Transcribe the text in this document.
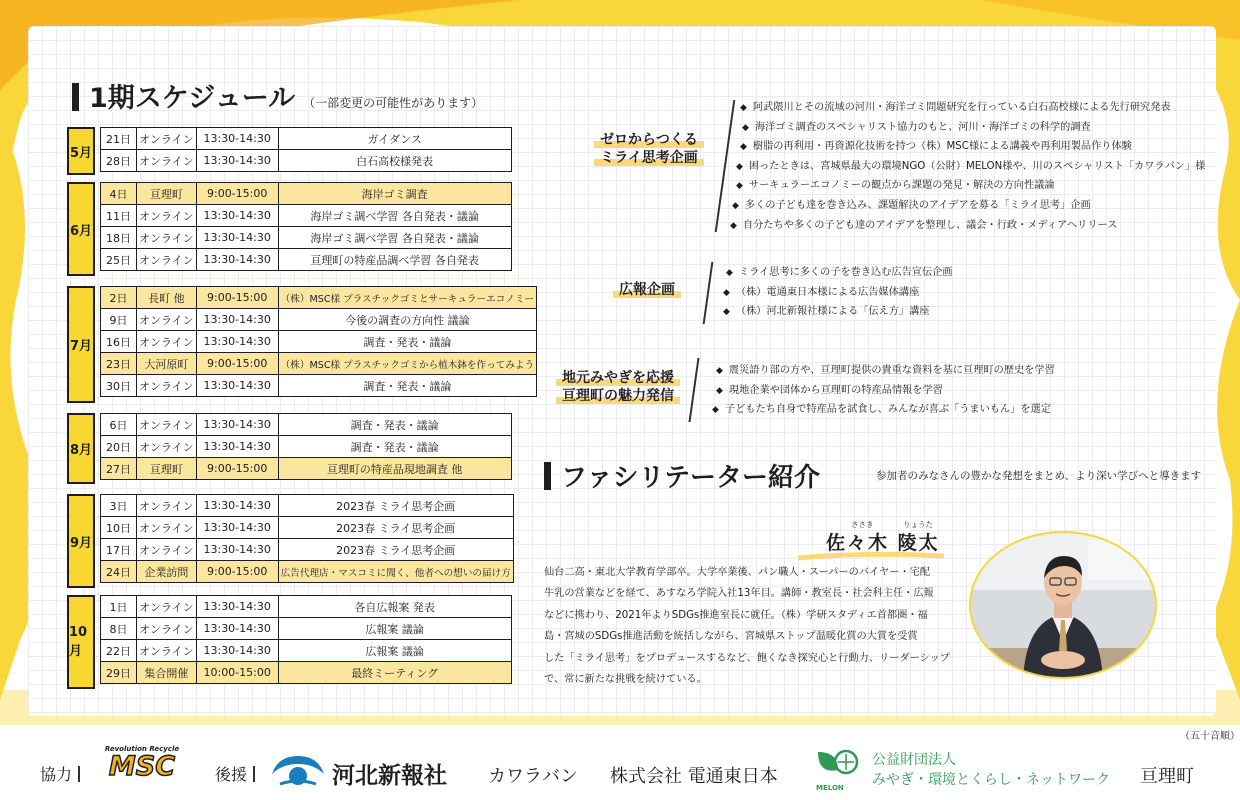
1期スケジュール （一部変更の可能性があります）
5月
21日	オンライン	13:30-14:30	ガイダンス
28日	オンライン	13:30-14:30	白石高校様発表
6月
4日	亘理町	9:00-15:00	海岸ゴミ調査
11日	オンライン	13:30-14:30	海岸ゴミ調べ学習 各自発表・議論
18日	オンライン	13:30-14:30	海岸ゴミ調べ学習 各自発表・議論
25日	オンライン	13:30-14:30	亘理町の特産品調べ学習 各自発表
7月
2日	長町 他	9:00-15:00	（株）MSC様 プラスチックゴミとサーキュラーエコノミー
9日	オンライン	13:30-14:30	今後の調査の方向性 議論
16日	オンライン	13:30-14:30	調査・発表・議論
23日	大河原町	9:00-15:00	（株）MSC様 プラスチックゴミから植木鉢を作ってみよう
30日	オンライン	13:30-14:30	調査・発表・議論
8月
6日	オンライン	13:30-14:30	調査・発表・議論
20日	オンライン	13:30-14:30	調査・発表・議論
27日	亘理町	9:00-15:00	亘理町の特産品現地調査 他
9月
3日	オンライン	13:30-14:30	2023春 ミライ思考企画
10日	オンライン	13:30-14:30	2023春 ミライ思考企画
17日	オンライン	13:30-14:30	2023春 ミライ思考企画
24日	企業訪問	9:00-15:00	広告代理店・マスコミに聞く、他者への想いの届け方
10月
1日	オンライン	13:30-14:30	各自広報案 発表
8日	オンライン	13:30-14:30	広報案 議論
22日	オンライン	13:30-14:30	広報案 議論
29日	集合開催	10:00-15:00	最終ミーティング
ゼロからつくる
ミライ思考企画
◆ 阿武隈川とその流域の河川・海洋ゴミ問題研究を行っている白石高校様による先行研究発表
◆ 海洋ゴミ調査のスペシャリスト協力のもと、河川・海洋ゴミの科学的調査
◆ 樹脂の再利用・再資源化技術を持つ（株）MSC様による講義や再利用製品作り体験
◆ 困ったときは、宮城県最大の環境NGO（公財）MELON様や、川のスペシャリスト「カワラバン」様
◆ サーキュラーエコノミーの観点から課題の発見・解決の方向性議論
◆ 多くの子ども達を巻き込み、課題解決のアイデアを募る「ミライ思考」企画
◆ 自分たちや多くの子ども達のアイデアを整理し、議会・行政・メディアへリリース
広報企画
◆ ミライ思考に多くの子を巻き込む広告宣伝企画
◆ （株）電通東日本様による広告媒体講座
◆ （株）河北新報社様による「伝え方」講座
地元みやぎを応援
亘理町の魅力発信
◆ 震災語り部の方や、亘理町提供の貴重な資料を基に亘理町の歴史を学習
◆ 現地企業や団体から亘理町の特産品情報を学習
◆ 子どもたち自身で特産品を試食し、みんなが喜ぶ「うまいもん」を選定
ファシリテーター紹介	参加者のみなさんの豊かな発想をまとめ、より深い学びへと導きます
ささき	りょうた
佐々木 陵太
仙台二高・東北大学教育学部卒。大学卒業後、パン職人・スーパーのバイヤー・宅配
牛乳の営業などを経て、あすなろ学院入社13年目。講師・教室長・社会科主任・広報
などに携わり、2021年よりSDGs推進室長に就任。（株）学研スタディエ首都圏・福
島・宮城のSDGs推進活動を統括しながら、宮城県ストップ温暖化賞の大賞を受賞
した「ミライ思考」をプロデュースするなど、飽くなき探究心と行動力、リーダーシップ
で、常に新たな挑戦を続けている。
（五十音順）
協力
Revolution Recycle
MSC	後援	河北新報社 カワラバン 株式会社 電通東日本
MELON
公益財団法人
みやぎ・環境とくらし・ネットワーク 亘理町
